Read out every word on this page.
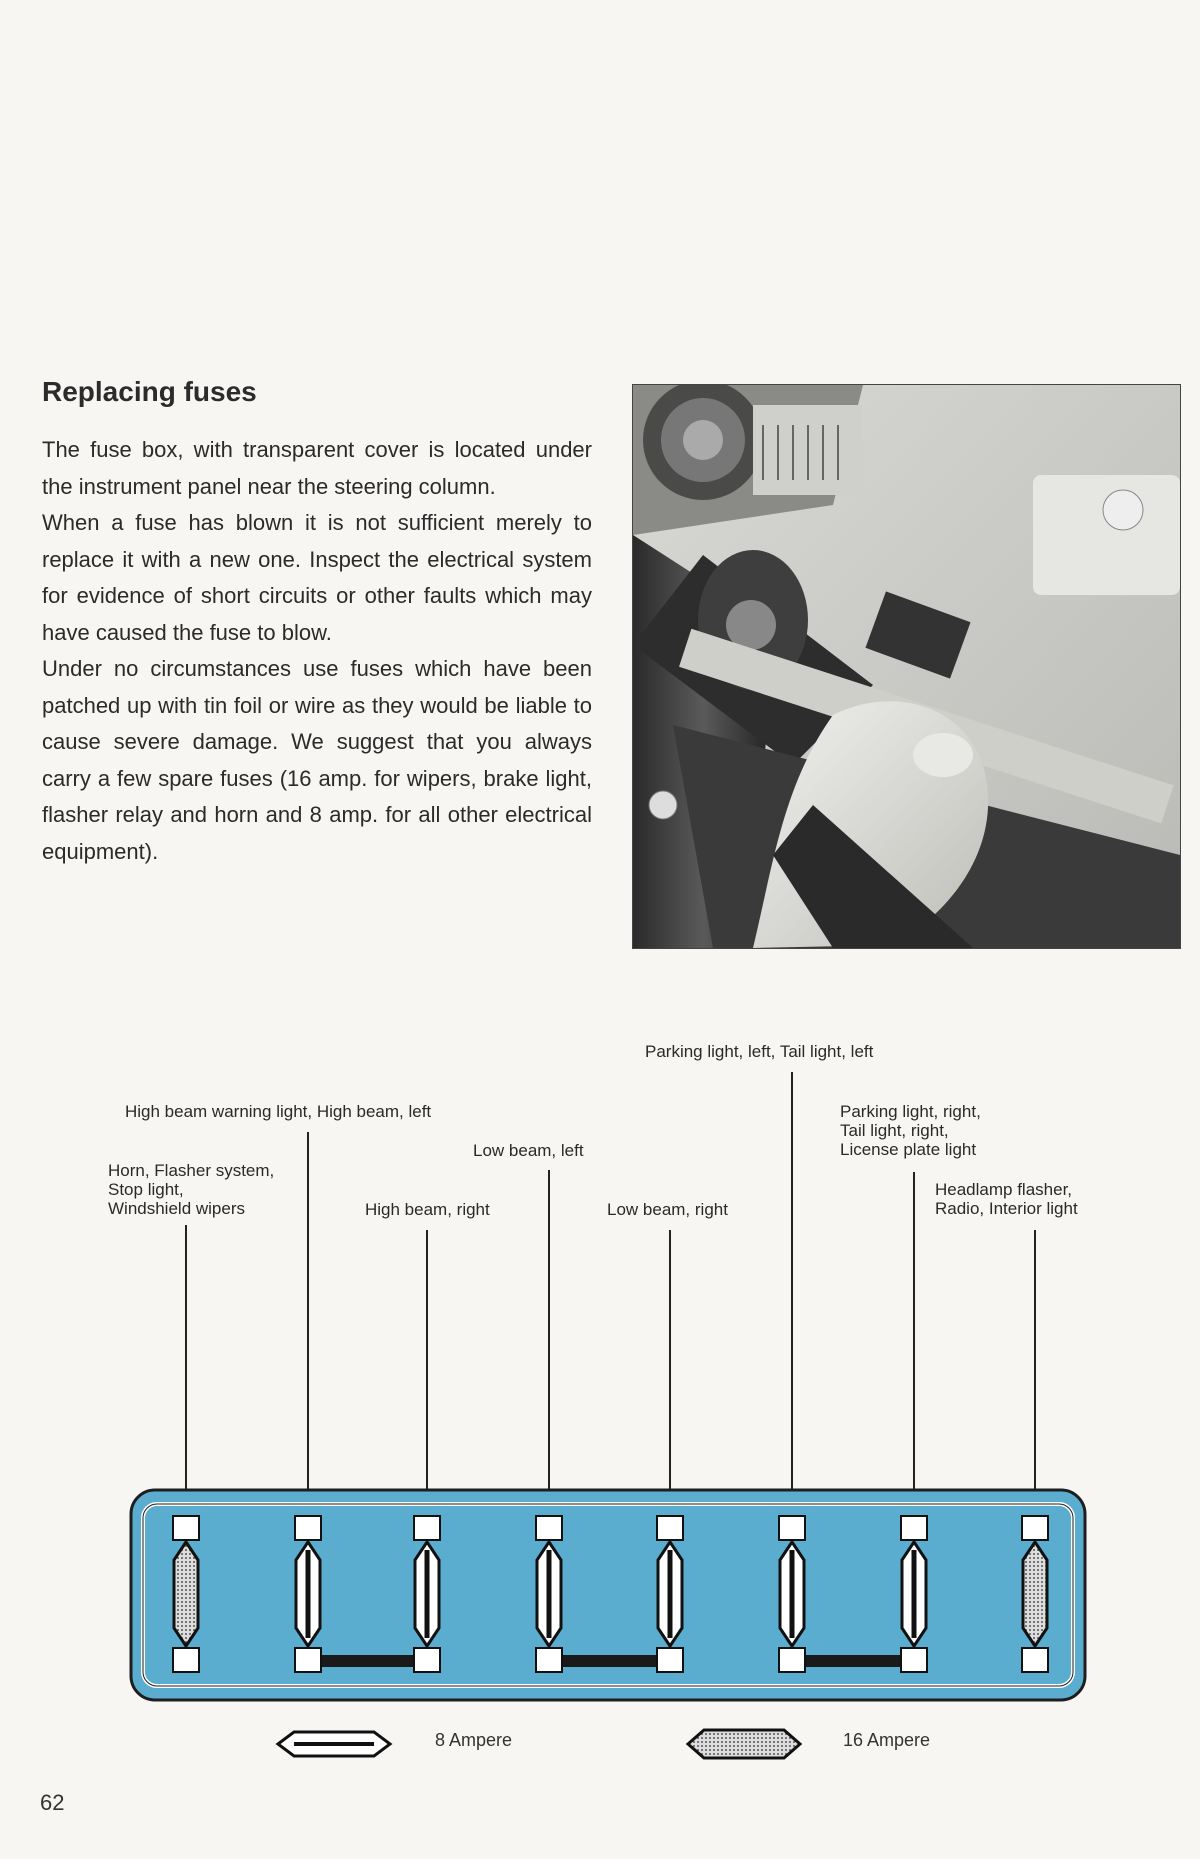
Replacing fuses

The fuse box, with transparent cover is located under the instrument panel near the steering column.

When a fuse has blown it is not sufficient merely to replace it with a new one. Inspect the electrical system for evidence of short circuits or other faults which may have caused the fuse to blow.

Under no circumstances use fuses which have been patched up with tin foil or wire as they would be liable to cause severe damage. We suggest that you always carry a few spare fuses (16 amp. for wipers, brake light, flasher relay and horn and 8 amp. for all other electrical equipment).

Parking light, left, Tail light, left
High beam warning light, High beam, left	Parking light, right,
Tail light, right,
License plate light
Low beam, left
Horn, Flasher system,
Stop light,
Windshield wipers
Headlamp flasher,
Radio, Interior light
High beam, right	Low beam, right
8 Ampere	16 Ampere
62
